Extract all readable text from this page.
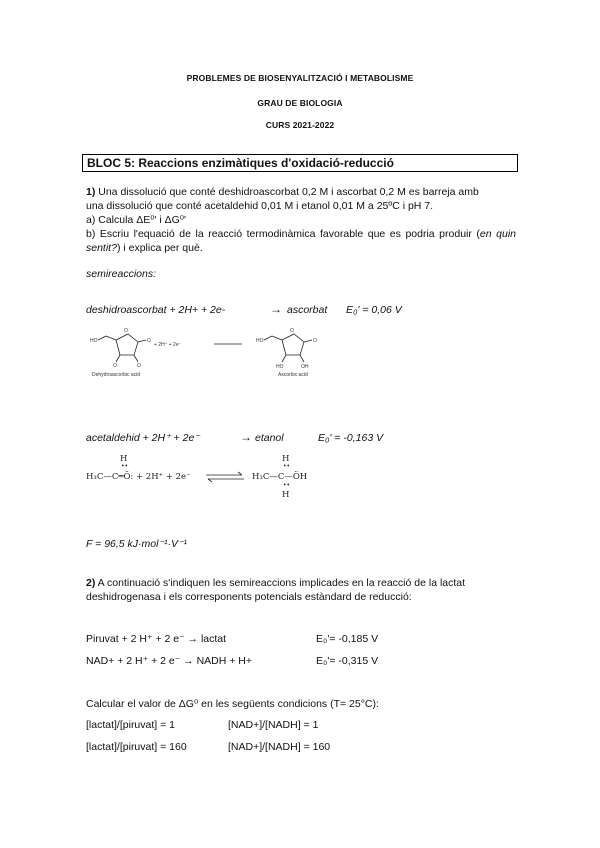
PROBLEMES DE BIOSENYALITZACIÓ I METABOLISME
GRAU DE BIOLOGIA
CURS 2021-2022
BLOC 5: Reaccions enzimàtiques d'oxidació-reducció
1) Una dissolució que conté deshidroascorbat 0,2 M i ascorbat 0,2 M es barreja amb
una dissolució que conté acetaldehid 0,01 M i etanol 0,01 M a 25ºC i pH 7.
a) Calcula ΔE⁰' i ΔG⁰'
b) Escriu l'equació de la reacció termodinàmica favorable que es podria produir (en quin sentit?) i explica per què.
semireaccions:
deshidroascorbat + 2H+ + 2e-	→ ascorbat E₀' = 0,06 V
HO
O
O
O	O
Dehydroascorbic acid
+ 2H⁺ + 2e⁻
HO
O
O
HO	OH
Ascorbic acid
acetaldehid + 2H⁺ + 2e⁻	→ etanol	E₀' = -0,163 V
H
••
H₃C—C═Ö: + 2H⁺ + 2e⁻
H
••
H₃C—C—ÖH
••
H
F = 96,5 kJ·mol⁻¹·V⁻¹
2) A continuació s'indiquen les semireaccions implicades en la reacció de la lactat
deshidrogenasa i els corresponents potencials estàndard de reducció:
Piruvat + 2 H⁺ + 2 e⁻ → lactat	E₀'= -0,185 V
NAD+ + 2 H⁺ + 2 e⁻ → NADH + H+	E₀'= -0,315 V
Calcular el valor de ΔG⁰ en les següents condicions (T= 25°C):
[lactat]/[piruvat] = 1	[NAD+]/[NADH] = 1
[lactat]/[piruvat] = 160	[NAD+]/[NADH] = 160
